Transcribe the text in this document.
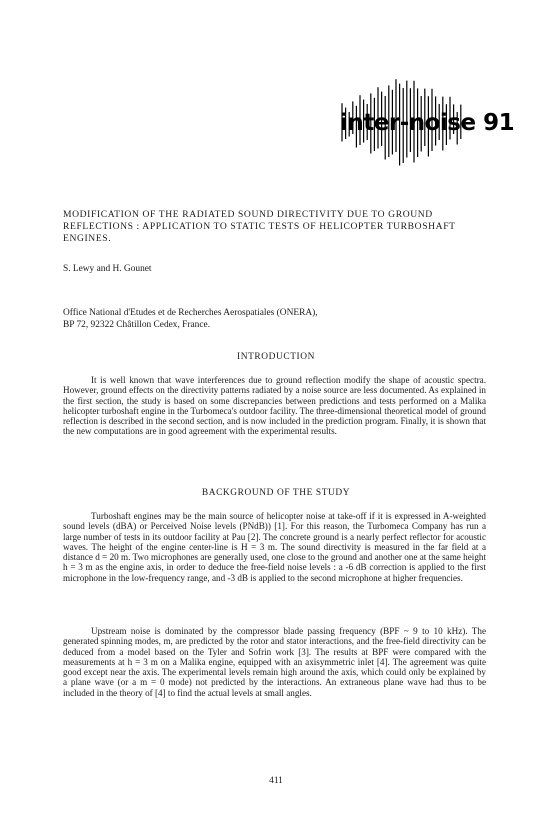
inter-noise 91
MODIFICATION OF THE RADIATED SOUND DIRECTIVITY DUE TO GROUND REFLECTIONS : APPLICATION TO STATIC TESTS OF HELICOPTER TURBOSHAFT ENGINES.

S. Lewy and H. Gounet

Office National d'Etudes et de Recherches Aerospatiales (ONERA),

BP 72, 92322 Châtillon Cedex, France.

INTRODUCTION

It is well known that wave interferences due to ground reflection modify the shape of acoustic spectra. However, ground effects on the directivity patterns radiated by a noise source are less documented. As explained in the first section, the study is based on some discrepancies between predictions and tests performed on a Malika helicopter turboshaft engine in the Turbomeca's outdoor facility. The three-dimensional theoretical model of ground reflection is described in the second section, and is now included in the prediction program. Finally, it is shown that the new computations are in good agreement with the experimental results.

BACKGROUND OF THE STUDY

Turboshaft engines may be the main source of helicopter noise at take-off if it is expressed in A-weighted sound levels (dBA) or Perceived Noise levels (PNdB)) [1]. For this reason, the Turbomeca Company has run a large number of tests in its outdoor facility at Pau [2]. The concrete ground is a nearly perfect reflector for acoustic waves. The height of the engine center-line is H = 3 m. The sound directivity is measured in the far field at a distance d = 20 m. Two microphones are generally used, one close to the ground and another one at the same height h = 3 m as the engine axis, in order to deduce the free-field noise levels : a -6 dB correction is applied to the first microphone in the low-frequency range, and -3 dB is applied to the second microphone at higher frequencies.

Upstream noise is dominated by the compressor blade passing frequency (BPF ~ 9 to 10 kHz). The generated spinning modes, m, are predicted by the rotor and stator interactions, and the free-field directivity can be deduced from a model based on the Tyler and Sofrin work [3]. The results at BPF were compared with the measurements at h = 3 m on a Malika engine, equipped with an axisymmetric inlet [4]. The agreement was quite good except near the axis. The experimental levels remain high around the axis, which could only be explained by a plane wave (or a m = 0 mode) not predicted by the interactions. An extraneous plane wave had thus to be included in the theory of [4] to find the actual levels at small angles.

411
